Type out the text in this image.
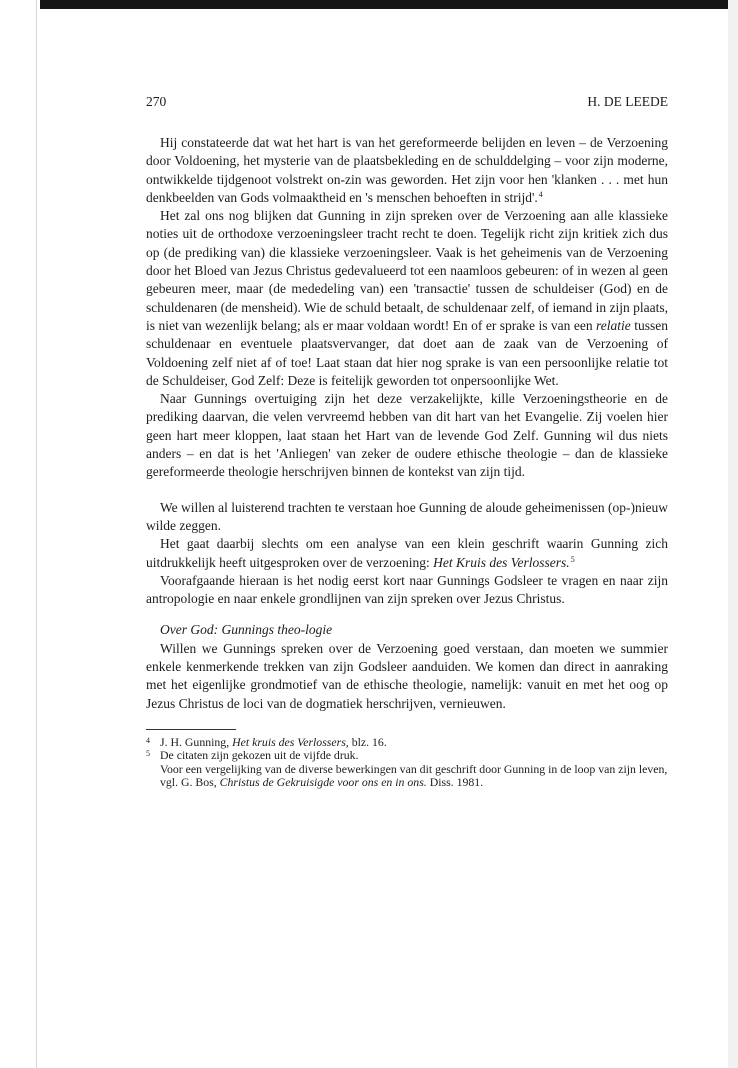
270	H. DE LEEDE

Hij constateerde dat wat het hart is van het gereformeerde belijden en leven – de Verzoening door Voldoening, het mysterie van de plaatsbekleding en de schulddelging – voor zijn moderne, ontwikkelde tijdgenoot volstrekt on-zin was geworden. Het zijn voor hen 'klanken . . . met hun denkbeelden van Gods volmaaktheid en 's menschen behoeften in strijd'.$^4$

Het zal ons nog blijken dat Gunning in zijn spreken over de Verzoening aan alle klassieke noties uit de orthodoxe verzoeningsleer tracht recht te doen. Tegelijk richt zijn kritiek zich dus op (de prediking van) die klassieke verzoeningsleer. Vaak is het geheimenis van de Verzoening door het Bloed van Jezus Christus gedevalueerd tot een naamloos gebeuren: of in wezen al geen gebeuren meer, maar (de mededeling van) een 'transactie' tussen de schuldeiser (God) en de schuldenaren (de mensheid). Wie de schuld betaalt, de schuldenaar zelf, of iemand in zijn plaats, is niet van wezenlijk belang; als er maar voldaan wordt! En of er sprake is van een relatie tussen schuldenaar en eventuele plaatsvervanger, dat doet aan de zaak van de Verzoening of Voldoening zelf niet af of toe! Laat staan dat hier nog sprake is van een persoonlijke relatie tot de Schuldeiser, God Zelf: Deze is feitelijk geworden tot onpersoonlijke Wet.

Naar Gunnings overtuiging zijn het deze verzakelijkte, kille Verzoeningstheorie en de prediking daarvan, die velen vervreemd hebben van dit hart van het Evangelie. Zij voelen hier geen hart meer kloppen, laat staan het Hart van de levende God Zelf. Gunning wil dus niets anders – en dat is het 'Anliegen' van zeker de oudere ethische theologie – dan de klassieke gereformeerde theologie herschrijven binnen de kontekst van zijn tijd.

We willen al luisterend trachten te verstaan hoe Gunning de aloude geheimenissen (op-)nieuw wilde zeggen.

Het gaat daarbij slechts om een analyse van een klein geschrift waarin Gunning zich uitdrukkelijk heeft uitgesproken over de verzoening: Het Kruis des Verlossers.$^5$

Voorafgaande hieraan is het nodig eerst kort naar Gunnings Godsleer te vragen en naar zijn antropologie en naar enkele grondlijnen van zijn spreken over Jezus Christus.

Over God: Gunnings theo-logie

Willen we Gunnings spreken over de Verzoening goed verstaan, dan moeten we summier enkele kenmerkende trekken van zijn Godsleer aanduiden. We komen dan direct in aanraking met het eigenlijke grondmotief van de ethische theologie, namelijk: vanuit en met het oog op Jezus Christus de loci van de dogmatiek herschrijven, vernieuwen.

4 J. H. Gunning, Het kruis des Verlossers, blz. 16.
5 De citaten zijn gekozen uit de vijfde druk.
Voor een vergelijking van de diverse bewerkingen van dit geschrift door Gunning in de loop van zijn leven, vgl. G. Bos, Christus de Gekruisigde voor ons en in ons. Diss. 1981.
